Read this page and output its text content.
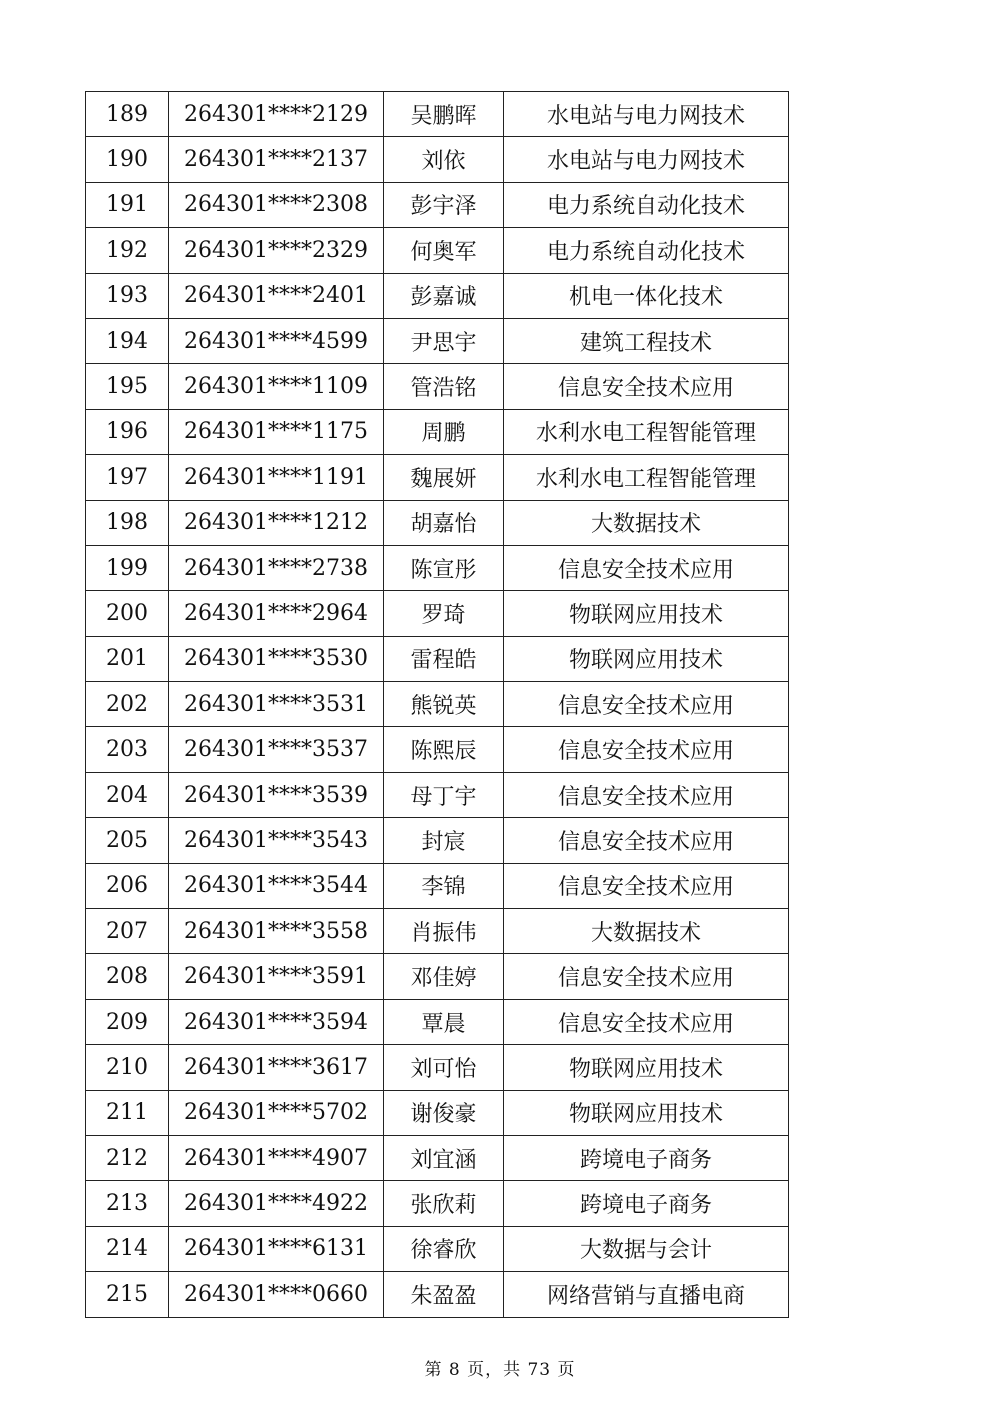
189	264301****2129	吴鹏晖	水电站与电力网技术
190	264301****2137	刘依	水电站与电力网技术
191	264301****2308	彭宇泽	电力系统自动化技术
192	264301****2329	何奥军	电力系统自动化技术
193	264301****2401	彭嘉诚	机电一体化技术
194	264301****4599	尹思宇	建筑工程技术
195	264301****1109	管浩铭	信息安全技术应用
196	264301****1175	周鹏	水利水电工程智能管理
197	264301****1191	魏展妍	水利水电工程智能管理
198	264301****1212	胡嘉怡	大数据技术
199	264301****2738	陈宣彤	信息安全技术应用
200	264301****2964	罗琦	物联网应用技术
201	264301****3530	雷程皓	物联网应用技术
202	264301****3531	熊锐英	信息安全技术应用
203	264301****3537	陈熙辰	信息安全技术应用
204	264301****3539	母丁宇	信息安全技术应用
205	264301****3543	封宸	信息安全技术应用
206	264301****3544	李锦	信息安全技术应用
207	264301****3558	肖振伟	大数据技术
208	264301****3591	邓佳婷	信息安全技术应用
209	264301****3594	覃晨	信息安全技术应用
210	264301****3617	刘可怡	物联网应用技术
211	264301****5702	谢俊豪	物联网应用技术
212	264301****4907	刘宜涵	跨境电子商务
213	264301****4922	张欣莉	跨境电子商务
214	264301****6131	徐睿欣	大数据与会计
215	264301****0660	朱盈盈	网络营销与直播电商
第 8 页，共 73 页
